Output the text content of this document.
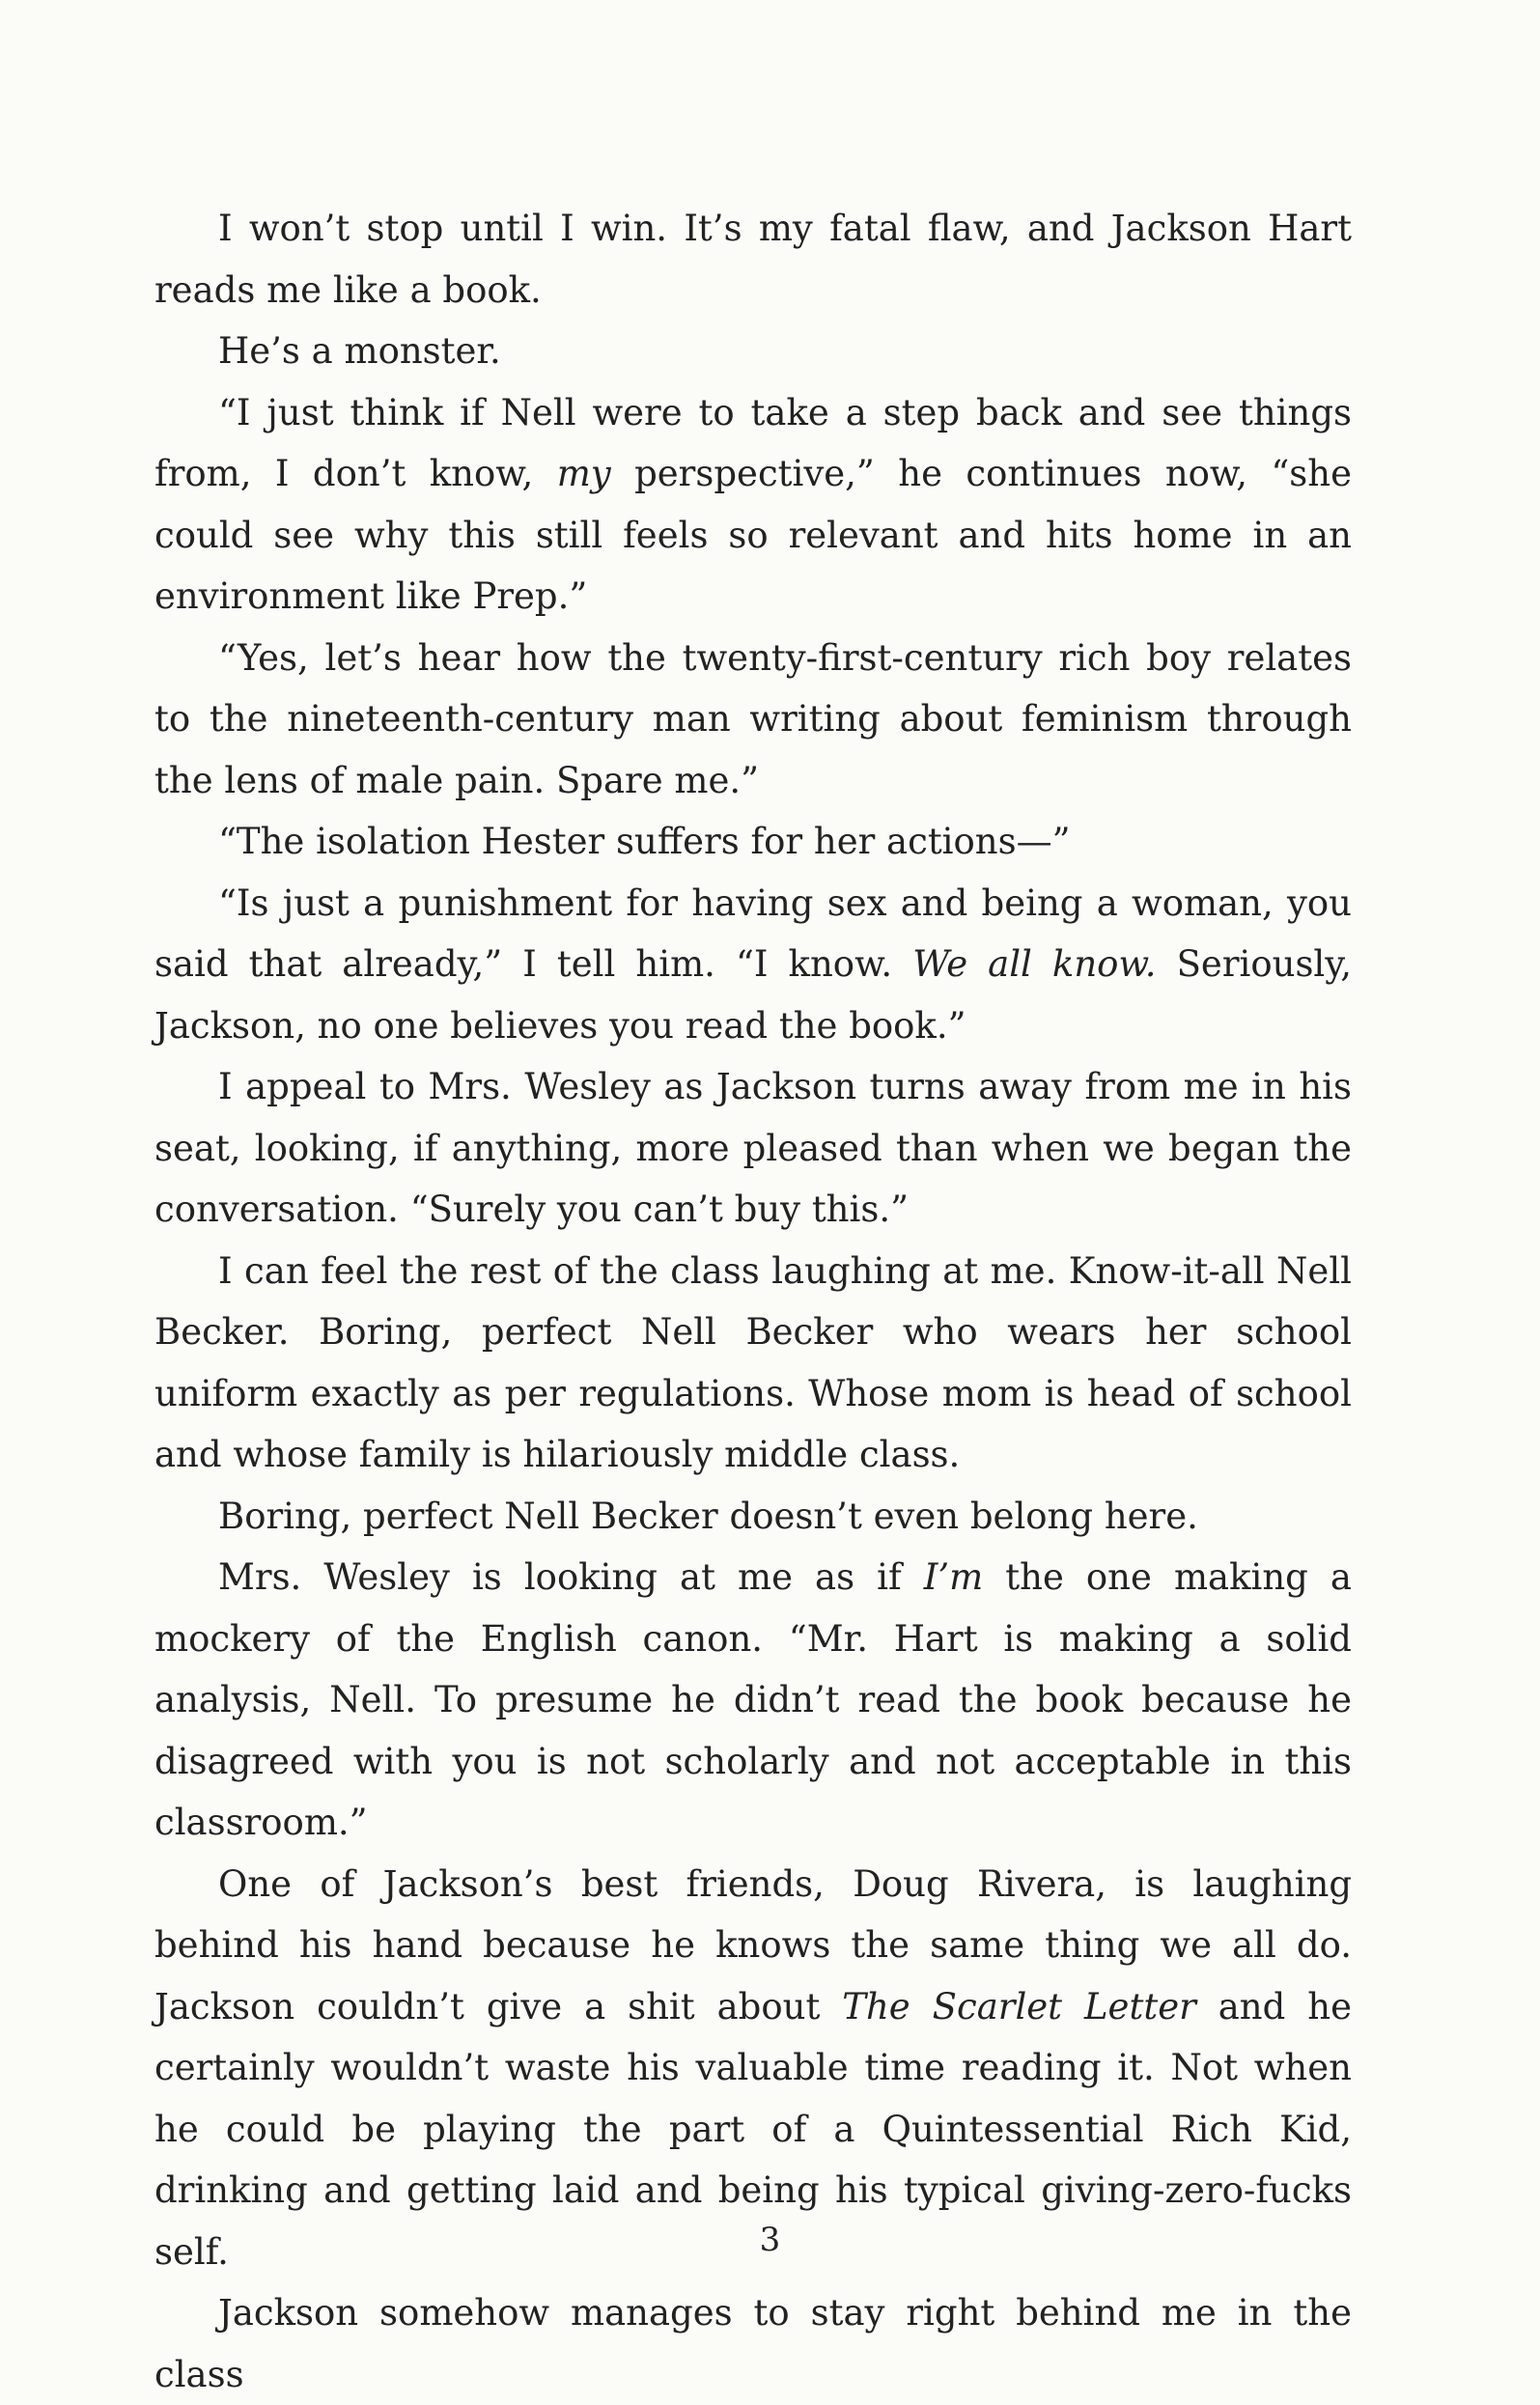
I won’t stop until I win. It’s my fatal flaw, and Jackson Hart reads me like a book.

He’s a monster.

“I just think if Nell were to take a step back and see things from, I don’t know, my perspective,” he continues now, “she could see why this still feels so relevant and hits home in an environment like Prep.”

“Yes, let’s hear how the twenty-first-century rich boy relates to the nineteenth-century man writing about feminism through the lens of male pain. Spare me.”

“The isolation Hester suffers for her actions—”

“Is just a punishment for having sex and being a woman, you said that already,” I tell him. “I know. We all know. Seriously, Jackson, no one believes you read the book.”

I appeal to Mrs. Wesley as Jackson turns away from me in his seat, looking, if anything, more pleased than when we began the conversation. “Surely you can’t buy this.”

I can feel the rest of the class laughing at me. Know-it-all Nell Becker. Boring, perfect Nell Becker who wears her school uniform exactly as per regulations. Whose mom is head of school and whose family is hilariously middle class.

Boring, perfect Nell Becker doesn’t even belong here.

Mrs. Wesley is looking at me as if I’m the one making a mockery of the English canon. “Mr. Hart is making a solid analysis, Nell. To presume he didn’t read the book because he disagreed with you is not scholarly and not acceptable in this classroom.”

One of Jackson’s best friends, Doug Rivera, is laughing behind his hand because he knows the same thing we all do. Jackson couldn’t give a shit about The Scarlet Letter and he certainly wouldn’t waste his valuable time reading it. Not when he could be playing the part of a Quintessential Rich Kid, drinking and getting laid and being his typical giving-zero-fucks self.

Jackson somehow manages to stay right behind me in the class

3
